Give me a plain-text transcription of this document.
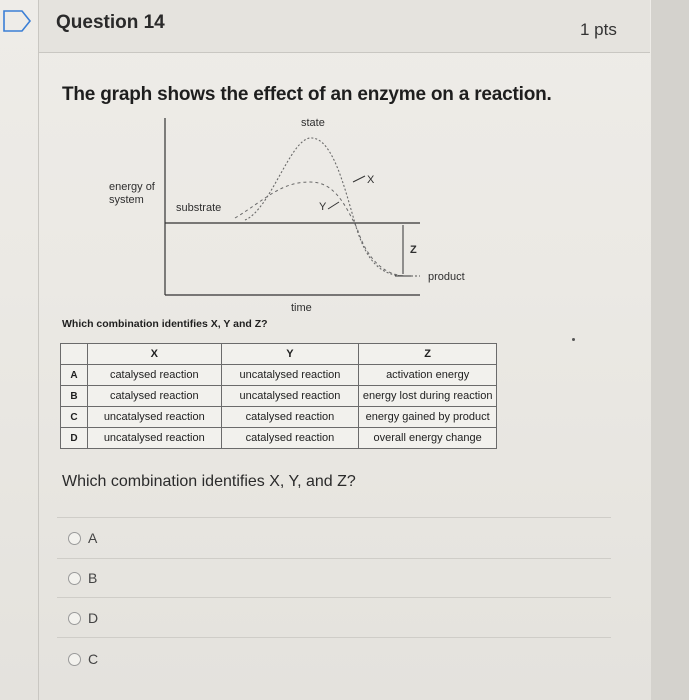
Question 14	1 pts
The graph shows the effect of an enzyme on a reaction.
state
energy of
system
substrate
X
Y
Z
product
time
Which combination identifies X, Y and Z?
	X	Y	Z
A	catalysed reaction	uncatalysed reaction	activation energy
B	catalysed reaction	uncatalysed reaction	energy lost during reaction
C	uncatalysed reaction	catalysed reaction	energy gained by product
D	uncatalysed reaction	catalysed reaction	overall energy change
Which combination identifies X, Y, and Z?
A
B
D
C
